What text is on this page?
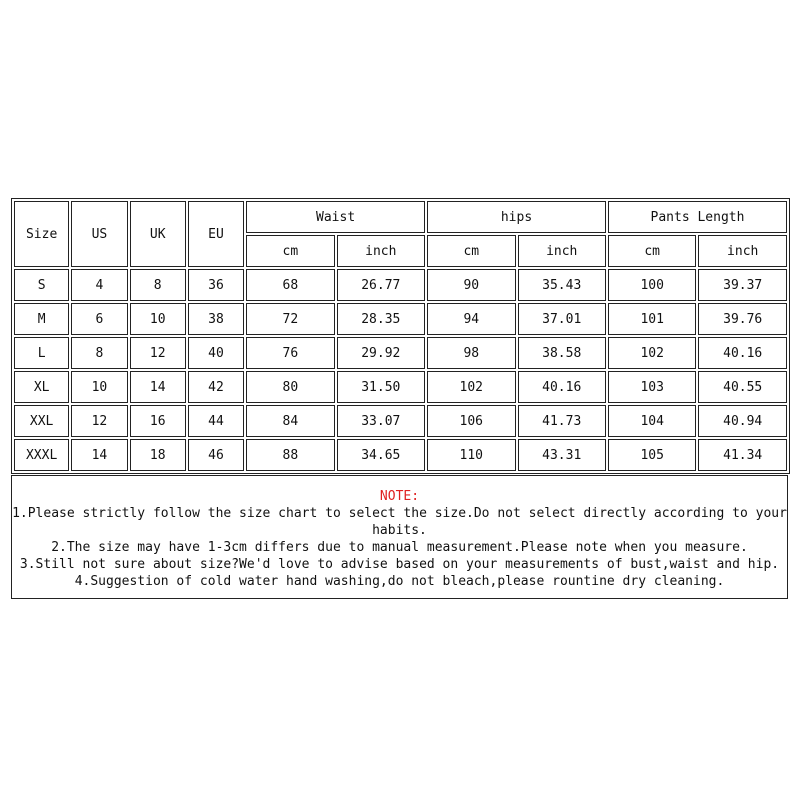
Size	US	UK	EU	Waist		hips		Pants Length	
				cm	inch	cm	inch	cm	inch
S	4	8	36	68	26.77	90	35.43	100	39.37
M	6	10	38	72	28.35	94	37.01	101	39.76
L	8	12	40	76	29.92	98	38.58	102	40.16
XL	10	14	42	80	31.50	102	40.16	103	40.55
XXL	12	16	44	84	33.07	106	41.73	104	40.94
XXXL	14	18	46	88	34.65	110	43.31	105	41.34
NOTE:
1.Please strictly follow the size chart to select the size.Do not select directly according to your
habits.
2.The size may have 1-3cm differs due to manual measurement.Please note when you measure.
3.Still not sure about size?We'd love to advise based on your measurements of bust,waist and hip.
4.Suggestion of cold water hand washing,do not bleach,please rountine dry cleaning.
